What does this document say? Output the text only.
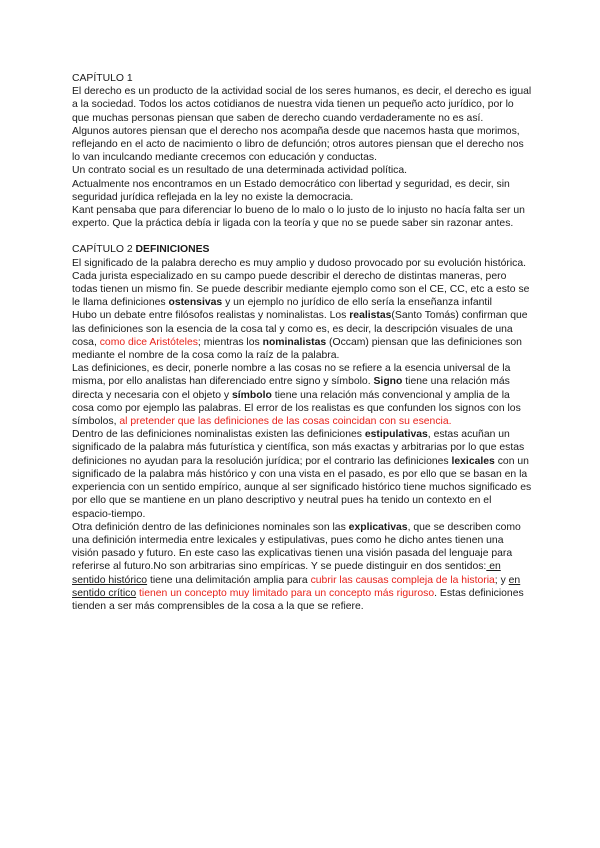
CAPÍTULO 1

El derecho es un producto de la actividad social de los seres humanos, es decir, el derecho es igual a la sociedad. Todos los actos cotidianos de nuestra vida tienen un pequeño acto jurídico, por lo que muchas personas piensan que saben de derecho cuando verdaderamente no es así.

Algunos autores piensan que el derecho nos acompaña desde que nacemos hasta que morimos, reflejando en el acto de nacimiento o libro de defunción; otros autores piensan que el derecho nos lo van inculcando mediante crecemos con educación y conductas.

Un contrato social es un resultado de una determinada actividad política.

Actualmente nos encontramos en un Estado democrático con libertad y seguridad, es decir, sin seguridad jurídica reflejada en la ley no existe la democracia.

Kant pensaba que para diferenciar lo bueno de lo malo o lo justo de lo injusto no hacía falta ser un experto. Que la práctica debía ir ligada con la teoría y que no se puede saber sin razonar antes.

CAPÍTULO 2 DEFINICIONES

El significado de la palabra derecho es muy amplio y dudoso provocado por su evolución histórica. Cada jurista especializado en su campo puede describir el derecho de distintas maneras, pero todas tienen un mismo fin. Se puede describir mediante ejemplo como son el CE, CC, etc a esto se le llama definiciones ostensivas y un ejemplo no jurídico de ello sería la enseñanza infantil

Hubo un debate entre filósofos realistas y nominalistas. Los realistas(Santo Tomás) confirman que las definiciones son la esencia de la cosa tal y como es, es decir, la descripción visuales de una cosa, como dice Aristóteles; mientras los nominalistas (Occam) piensan que las definiciones son mediante el nombre de la cosa como la raíz de la palabra.

Las definiciones, es decir, ponerle nombre a las cosas no se refiere a la esencia universal de la misma, por ello analistas han diferenciado entre signo y símbolo. Signo tiene una relación más directa y necesaria con el objeto y símbolo tiene una relación más convencional y amplia de la cosa como por ejemplo las palabras. El error de los realistas es que confunden los signos con los símbolos, al pretender que las definiciones de las cosas coincidan con su esencia.

Dentro de las definiciones nominalistas existen las definiciones estipulativas, estas acuñan un significado de la palabra más futurística y científica, son más exactas y arbitrarias por lo que estas definiciones no ayudan para la resolución jurídica; por el contrario las definiciones lexicales con un significado de la palabra más histórico y con una vista en el pasado, es por ello que se basan en la experiencia con un sentido empírico, aunque al ser significado histórico tiene muchos significado es por ello que se mantiene en un plano descriptivo y neutral pues ha tenido un contexto en el espacio-tiempo.

Otra definición dentro de las definiciones nominales son las explicativas, que se describen como una definición intermedia entre lexicales y estipulativas, pues como he dicho antes tienen una visión pasado y futuro. En este caso las explicativas tienen una visión pasada del lenguaje para referirse al futuro.No son arbitrarias sino empíricas. Y se puede distinguir en dos sentidos: en sentido histórico tiene una delimitación amplia para cubrir las causas compleja de la historia; y en sentido crítico tienen un concepto muy limitado para un concepto más riguroso. Estas definiciones tienden a ser más comprensibles de la cosa a la que se refiere.
